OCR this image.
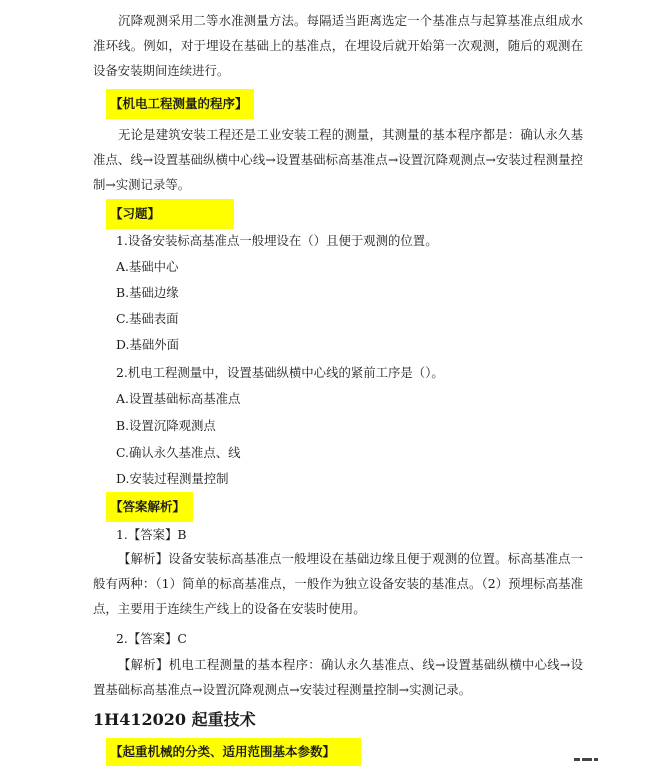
沉降观测采用二等水准测量方法。每隔适当距离选定一个基准点与起算基准点组成水准环线。例如，对于埋设在基础上的基准点，在埋设后就开始第一次观测，随后的观测在设备安装期间连续进行。

【机电工程测量的程序】

无论是建筑安装工程还是工业安装工程的测量，其测量的基本程序都是：确认永久基准点、线→设置基础纵横中心线→设置基础标高基准点→设置沉降观测点→安装过程测量控制→实测记录等。

【习题】

1.设备安装标高基准点一般埋设在（）且便于观测的位置。

A.基础中心

B.基础边缘

C.基础表面

D.基础外面

2.机电工程测量中，设置基础纵横中心线的紧前工序是（）。

A.设置基础标高基准点

B.设置沉降观测点

C.确认永久基准点、线

D.安装过程测量控制

【答案解析】

1.【答案】B

【解析】设备安装标高基准点一般埋设在基础边缘且便于观测的位置。标高基准点一般有两种：（1）简单的标高基准点，一般作为独立设备安装的基准点。（2）预埋标高基准点，主要用于连续生产线上的设备在安装时使用。

2.【答案】C

【解析】机电工程测量的基本程序：确认永久基准点、线→设置基础纵横中心线→设置基础标高基准点→设置沉降观测点→安装过程测量控制→实测记录。

1H412020 起重技术
【起重机械的分类、适用范围基本参数】
